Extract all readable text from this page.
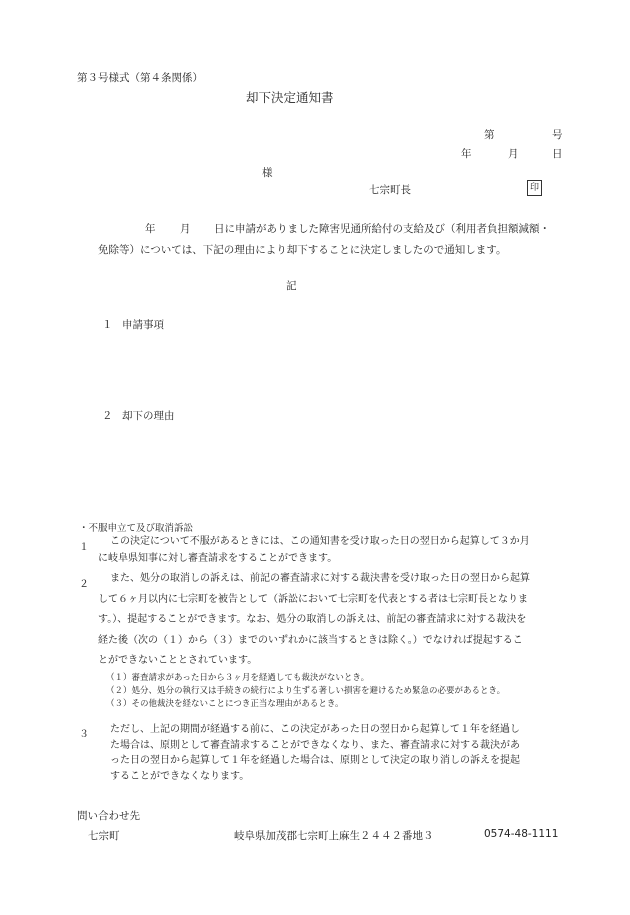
第３号様式（第４条関係）
却下決定通知書
第	号
年	月	日
様
七宗町長	印
年 月 日に申請がありました障害児通所給付の支給及び（利用者負担額減額・
免除等）については、下記の理由により却下することに決定しましたので通知します。
記
１ 申請事項
２ 却下の理由
・不服申立て及び取消訴訟
１
この決定について不服があるときには、この通知書を受け取った日の翌日から起算して３か月
に岐阜県知事に対し審査請求をすることができます。
２
また、処分の取消しの訴えは、前記の審査請求に対する裁決書を受け取った日の翌日から起算
して６ヶ月以内に七宗町を被告として（訴訟において七宗町を代表とする者は七宗町長となりま
す。）、提起することができます。なお、処分の取消しの訴えは、前記の審査請求に対する裁決を
経た後（次の（１）から（３）までのいずれかに該当するときは除く。）でなければ提起するこ
とができないこととされています。
（１）審査請求があった日から３ヶ月を経過しても裁決がないとき。
（２）処分、処分の執行又は手続きの続行により生ずる著しい損害を避けるため緊急の必要があるとき。
（３）その他裁決を経ないことにつき正当な理由があるとき。
３	ただし、上記の期間が経過する前に、この決定があった日の翌日から起算して１年を経過し
た場合は、原則として審査請求することができなくなり、また、審査請求に対する裁決があ
った日の翌日から起算して１年を経過した場合は、原則として決定の取り消しの訴えを提起
することができなくなります。
問い合わせ先
七宗町	岐阜県加茂郡七宗町上麻生２４４２番地３	0574-48-1111
